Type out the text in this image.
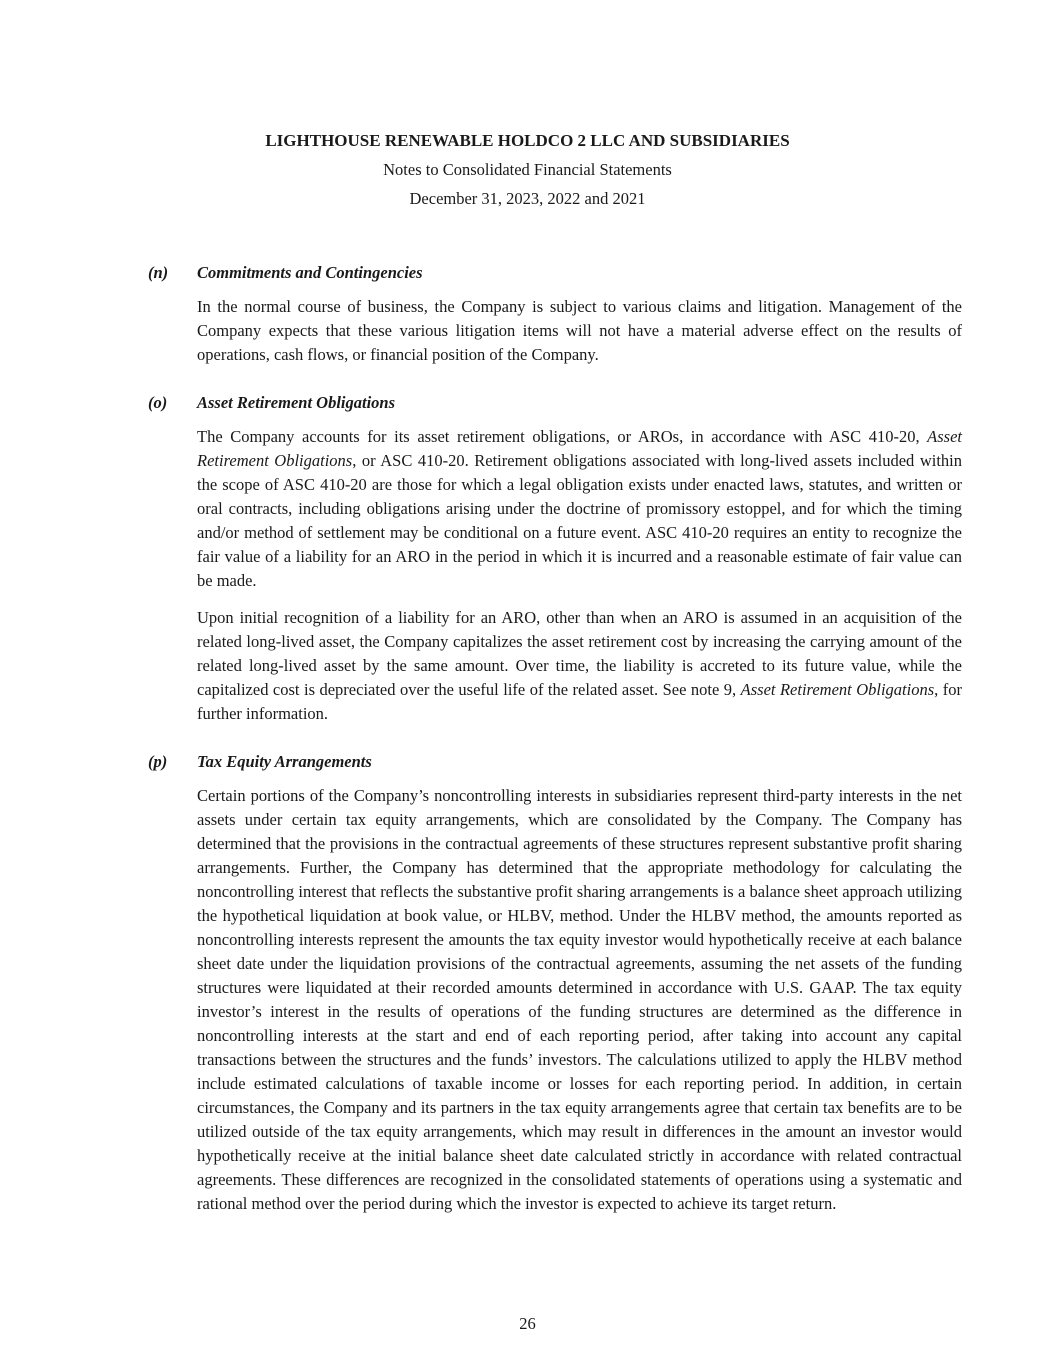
LIGHTHOUSE RENEWABLE HOLDCO 2 LLC AND SUBSIDIARIES
Notes to Consolidated Financial Statements
December 31, 2023, 2022 and 2021
(n)	Commitments and Contingencies

In the normal course of business, the Company is subject to various claims and litigation. Management of the Company expects that these various litigation items will not have a material adverse effect on the results of operations, cash flows, or financial position of the Company.

(o)	Asset Retirement Obligations

The Company accounts for its asset retirement obligations, or AROs, in accordance with ASC 410-20, Asset Retirement Obligations, or ASC 410-20. Retirement obligations associated with long-lived assets included within the scope of ASC 410-20 are those for which a legal obligation exists under enacted laws, statutes, and written or oral contracts, including obligations arising under the doctrine of promissory estoppel, and for which the timing and/or method of settlement may be conditional on a future event. ASC 410-20 requires an entity to recognize the fair value of a liability for an ARO in the period in which it is incurred and a reasonable estimate of fair value can be made.

Upon initial recognition of a liability for an ARO, other than when an ARO is assumed in an acquisition of the related long-lived asset, the Company capitalizes the asset retirement cost by increasing the carrying amount of the related long-lived asset by the same amount. Over time, the liability is accreted to its future value, while the capitalized cost is depreciated over the useful life of the related asset. See note 9, Asset Retirement Obligations, for further information.

(p)	Tax Equity Arrangements

Certain portions of the Company’s noncontrolling interests in subsidiaries represent third-party interests in the net assets under certain tax equity arrangements, which are consolidated by the Company. The Company has determined that the provisions in the contractual agreements of these structures represent substantive profit sharing arrangements. Further, the Company has determined that the appropriate methodology for calculating the noncontrolling interest that reflects the substantive profit sharing arrangements is a balance sheet approach utilizing the hypothetical liquidation at book value, or HLBV, method. Under the HLBV method, the amounts reported as noncontrolling interests represent the amounts the tax equity investor would hypothetically receive at each balance sheet date under the liquidation provisions of the contractual agreements, assuming the net assets of the funding structures were liquidated at their recorded amounts determined in accordance with U.S. GAAP. The tax equity investor’s interest in the results of operations of the funding structures are determined as the difference in noncontrolling interests at the start and end of each reporting period, after taking into account any capital transactions between the structures and the funds’ investors. The calculations utilized to apply the HLBV method include estimated calculations of taxable income or losses for each reporting period. In addition, in certain circumstances, the Company and its partners in the tax equity arrangements agree that certain tax benefits are to be utilized outside of the tax equity arrangements, which may result in differences in the amount an investor would hypothetically receive at the initial balance sheet date calculated strictly in accordance with related contractual agreements. These differences are recognized in the consolidated statements of operations using a systematic and rational method over the period during which the investor is expected to achieve its target return.

26
